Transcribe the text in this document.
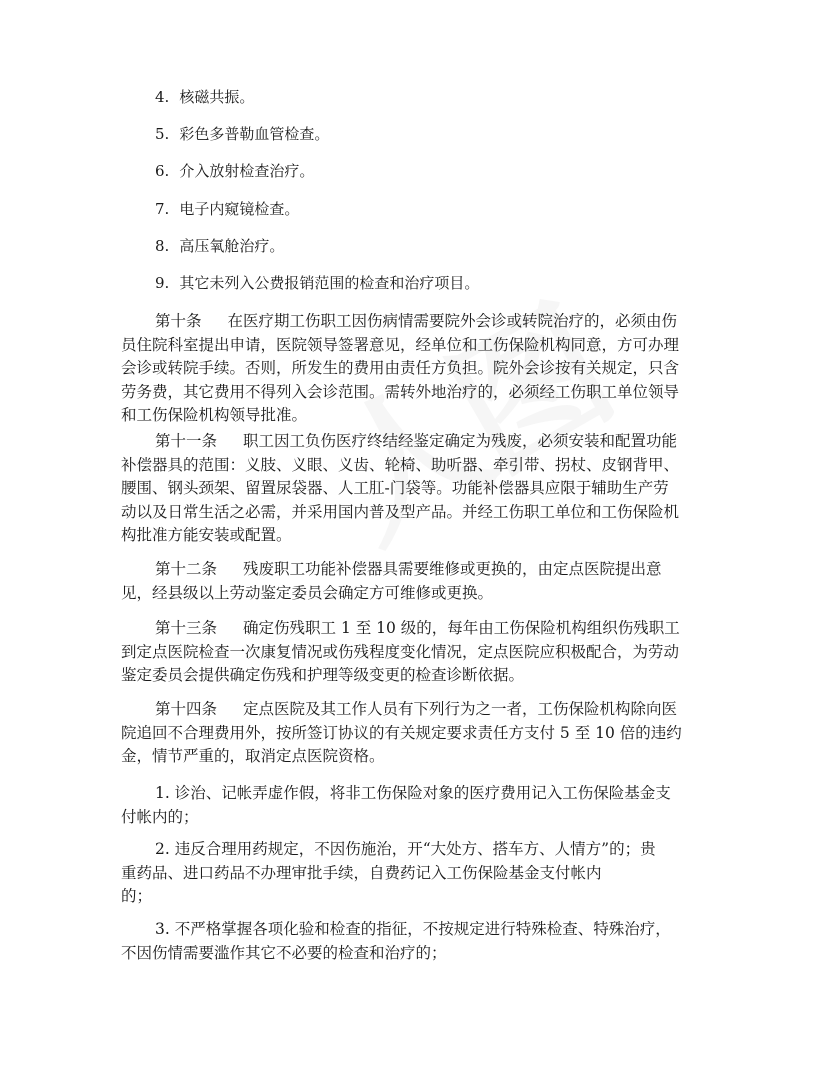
4. 核磁共振。
5. 彩色多普勒血管检查。
6. 介入放射检查治疗。
7. 电子内窥镜检查。
8. 高压氧舱治疗。
9. 其它未列入公费报销范围的检查和治疗项目。
第十条 在医疗期工伤职工因伤病情需要院外会诊或转院治疗的，必须由伤
员住院科室提出申请，医院领导签署意见，经单位和工伤保险机构同意，方可办理
会诊或转院手续。否则，所发生的费用由责任方负担。院外会诊按有关规定，只含
劳务费，其它费用不得列入会诊范围。需转外地治疗的，必须经工伤职工单位领导
和工伤保险机构领导批准。
第十一条 职工因工负伤医疗终结经鉴定确定为残废，必须安装和配置功能
补偿器具的范围：义肢、义眼、义齿、轮椅、助听器、牵引带、拐杖、皮钢背甲、
腰围、钢头颈架、留置尿袋器、人工肛-门袋等。功能补偿器具应限于辅助生产劳
动以及日常生活之必需，并采用国内普及型产品。并经工伤职工单位和工伤保险机
构批准方能安装或配置。
第十二条 残废职工功能补偿器具需要维修或更换的，由定点医院提出意
见，经县级以上劳动鉴定委员会确定方可维修或更换。
第十三条 确定伤残职工 1 至 10 级的，每年由工伤保险机构组织伤残职工
到定点医院检查一次康复情况或伤残程度变化情况，定点医院应积极配合，为劳动
鉴定委员会提供确定伤残和护理等级变更的检查诊断依据。
第十四条 定点医院及其工作人员有下列行为之一者，工伤保险机构除向医
院追回不合理费用外，按所签订协议的有关规定要求责任方支付 5 至 10 倍的违约
金，情节严重的，取消定点医院资格。
1. 诊治、记帐弄虚作假，将非工伤保险对象的医疗费用记入工伤保险基金支
付帐内的；
2. 违反合理用药规定，不因伤施治，开“大处方、搭车方、人情方”的；贵
重药品、进口药品不办理审批手续，自费药记入工伤保险基金支付帐内
的；
3. 不严格掌握各项化验和检查的指征，不按规定进行特殊检查、特殊治疗，
不因伤情需要滥作其它不必要的检查和治疗的；
